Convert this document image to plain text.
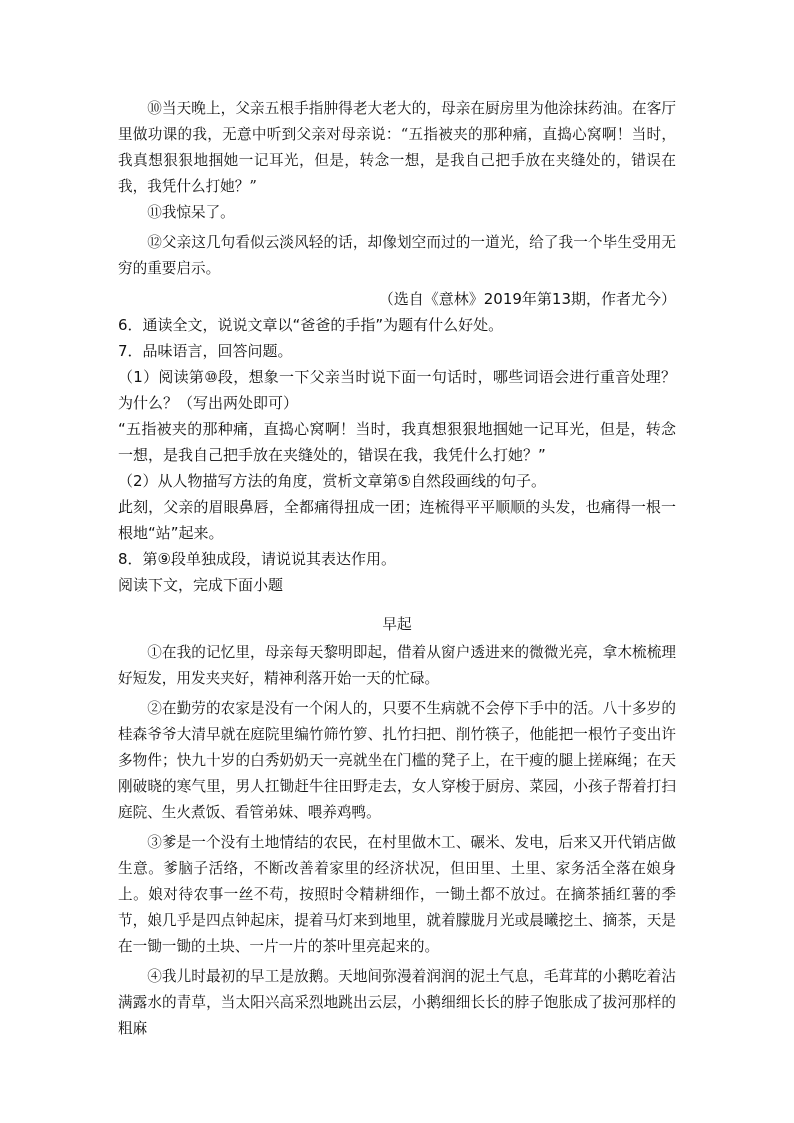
⑩当天晚上，父亲五根手指肿得老大老大的，母亲在厨房里为他涂抹药油。在客厅里做功课的我，无意中听到父亲对母亲说：“五指被夹的那种痛，直捣心窝啊！当时，我真想狠狠地掴她一记耳光，但是，转念一想，是我自己把手放在夹缝处的，错误在我，我凭什么打她？”

⑪我惊呆了。

⑫父亲这几句看似云淡风轻的话，却像划空而过的一道光，给了我一个毕生受用无穷的重要启示。

（选自《意林》2019年第13期，作者尤今）

6．通读全文，说说文章以“爸爸的手指”为题有什么好处。

7．品味语言，回答问题。

（1）阅读第⑩段，想象一下父亲当时说下面一句话时，哪些词语会进行重音处理？为什么？（写出两处即可）

“五指被夹的那种痛，直捣心窝啊！当时，我真想狠狠地掴她一记耳光，但是，转念一想，是我自己把手放在夹缝处的，错误在我，我凭什么打她？”

（2）从人物描写方法的角度，赏析文章第⑤自然段画线的句子。

此刻，父亲的眉眼鼻唇，全都痛得扭成一团；连梳得平平顺顺的头发，也痛得一根一根地“站”起来。

8．第⑨段单独成段，请说说其表达作用。

阅读下文，完成下面小题

早起

①在我的记忆里，母亲每天黎明即起，借着从窗户透进来的微微光亮，拿木梳梳理好短发，用发夹夹好，精神利落开始一天的忙碌。

②在勤劳的农家是没有一个闲人的，只要不生病就不会停下手中的活。八十多岁的桂森爷爷大清早就在庭院里编竹筛竹箩、扎竹扫把、削竹筷子，他能把一根竹子变出许多物件；快九十岁的白秀奶奶天一亮就坐在门槛的凳子上，在干瘦的腿上搓麻绳；在天刚破晓的寒气里，男人扛锄赶牛往田野走去，女人穿梭于厨房、菜园，小孩子帮着打扫庭院、生火煮饭、看管弟妹、喂养鸡鸭。

③爹是一个没有土地情结的农民，在村里做木工、碾米、发电，后来又开代销店做生意。爹脑子活络，不断改善着家里的经济状况，但田里、土里、家务活全落在娘身上。娘对待农事一丝不苟，按照时令精耕细作，一锄土都不放过。在摘茶插红薯的季节，娘几乎是四点钟起床，提着马灯来到地里，就着朦胧月光或晨曦挖土、摘茶，天是在一锄一锄的土块、一片一片的茶叶里亮起来的。

④我儿时最初的早工是放鹅。天地间弥漫着润润的泥土气息，毛茸茸的小鹅吃着沾满露水的青草，当太阳兴高采烈地跳出云层，小鹅细细长长的脖子饱胀成了拔河那样的粗麻
